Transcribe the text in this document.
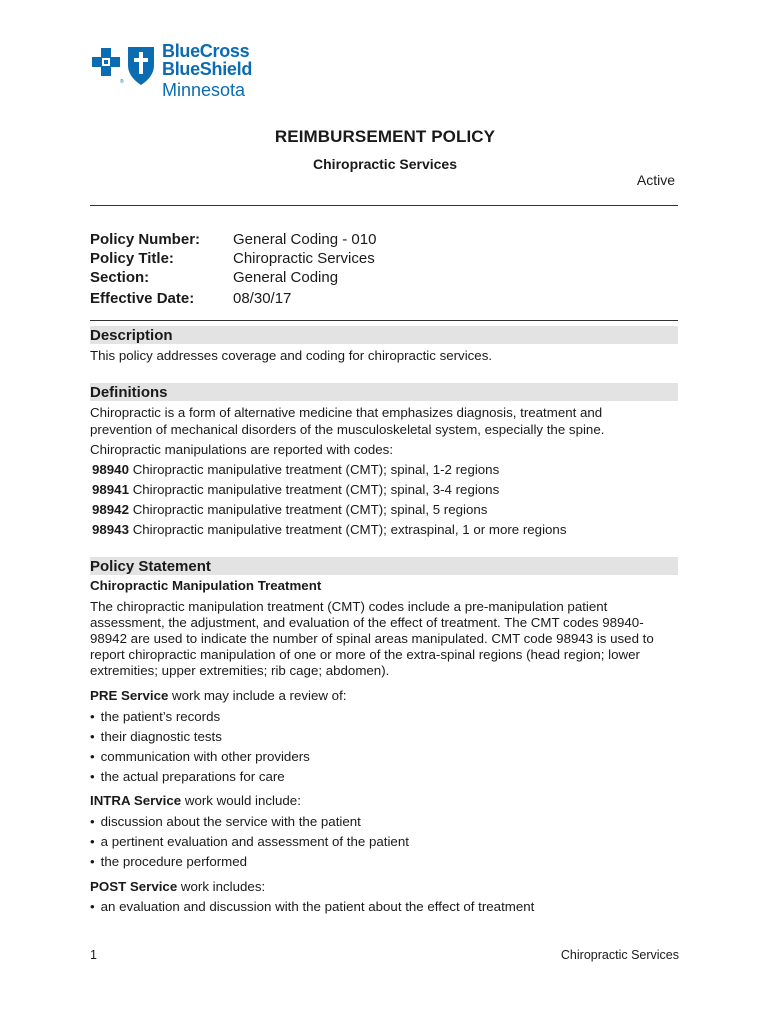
®
BlueCross
BlueShield
Minnesota
REIMBURSEMENT POLICY
Chiropractic Services
Active
Policy Number: General Coding - 010
Policy Title:	Chiropractic Services
Section:	General Coding
Effective Date:	08/30/17
Description
This policy addresses coverage and coding for chiropractic services.
Definitions
Chiropractic is a form of alternative medicine that emphasizes diagnosis, treatment and
prevention of mechanical disorders of the musculoskeletal system, especially the spine.
Chiropractic manipulations are reported with codes:
98940 Chiropractic manipulative treatment (CMT); spinal, 1-2 regions
98941 Chiropractic manipulative treatment (CMT); spinal, 3-4 regions
98942 Chiropractic manipulative treatment (CMT); spinal, 5 regions
98943 Chiropractic manipulative treatment (CMT); extraspinal, 1 or more regions
Policy Statement
Chiropractic Manipulation Treatment
The chiropractic manipulation treatment (CMT) codes include a pre-manipulation patient
assessment, the adjustment, and evaluation of the effect of treatment. The CMT codes 98940-
98942 are used to indicate the number of spinal areas manipulated. CMT code 98943 is used to
report chiropractic manipulation of one or more of the extra-spinal regions (head region; lower
extremities; upper extremities; rib cage; abdomen).
PRE Service work may include a review of:
• the patient’s records
• their diagnostic tests
• communication with other providers
• the actual preparations for care
INTRA Service work would include:
• discussion about the service with the patient
• a pertinent evaluation and assessment of the patient
• the procedure performed
POST Service work includes:
• an evaluation and discussion with the patient about the effect of treatment
1	Chiropractic Services
